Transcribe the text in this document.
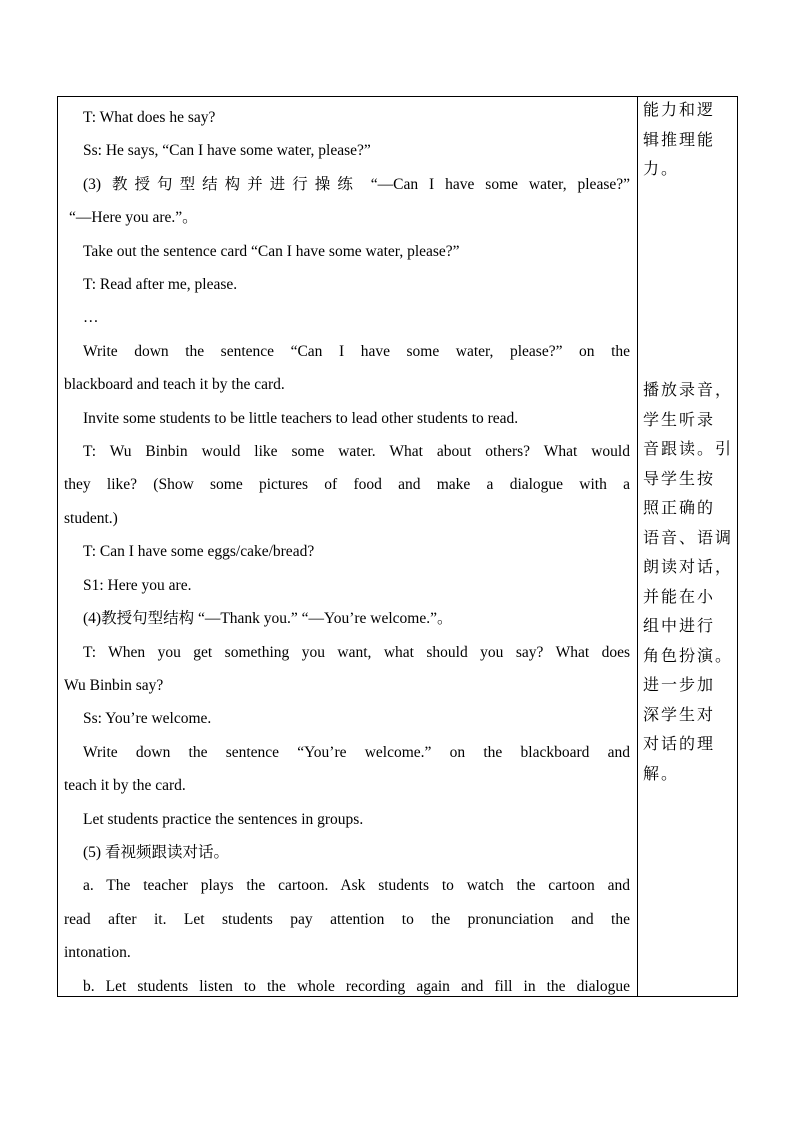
T: What does he say?

Ss: He says, “Can I have some water, please?”

(3) 教授句型结构并进行操练 “—Can I have some water, please?”

“—Here you are.”。

Take out the sentence card “Can I have some water, please?”

T: Read after me, please.

…

Write down the sentence “Can I have some water, please?” on the

blackboard and teach it by the card.

Invite some students to be little teachers to lead other students to read.

T: Wu Binbin would like some water. What about others? What would

they like? (Show some pictures of food and make a dialogue with a

student.)

T: Can I have some eggs/cake/bread?

S1: Here you are.

(4)教授句型结构 “—Thank you.” “—You’re welcome.”。

T: When you get something you want, what should you say? What does

Wu Binbin say?

Ss: You’re welcome.

Write down the sentence “You’re welcome.” on the blackboard and

teach it by the card.

Let students practice the sentences in groups.

(5) 看视频跟读对话。

a. The teacher plays the cartoon. Ask students to watch the cartoon and

read after it. Let students pay attention to the pronunciation and the

intonation.

b. Let students listen to the whole recording again and fill in the dialogue

能力和逻

辑推理能

力。

播放录音，

学生听录

音跟读。引

导学生按

照正确的

语音、语调

朗读对话，

并能在小

组中进行

角色扮演。

进一步加

深学生对

对话的理

解。
